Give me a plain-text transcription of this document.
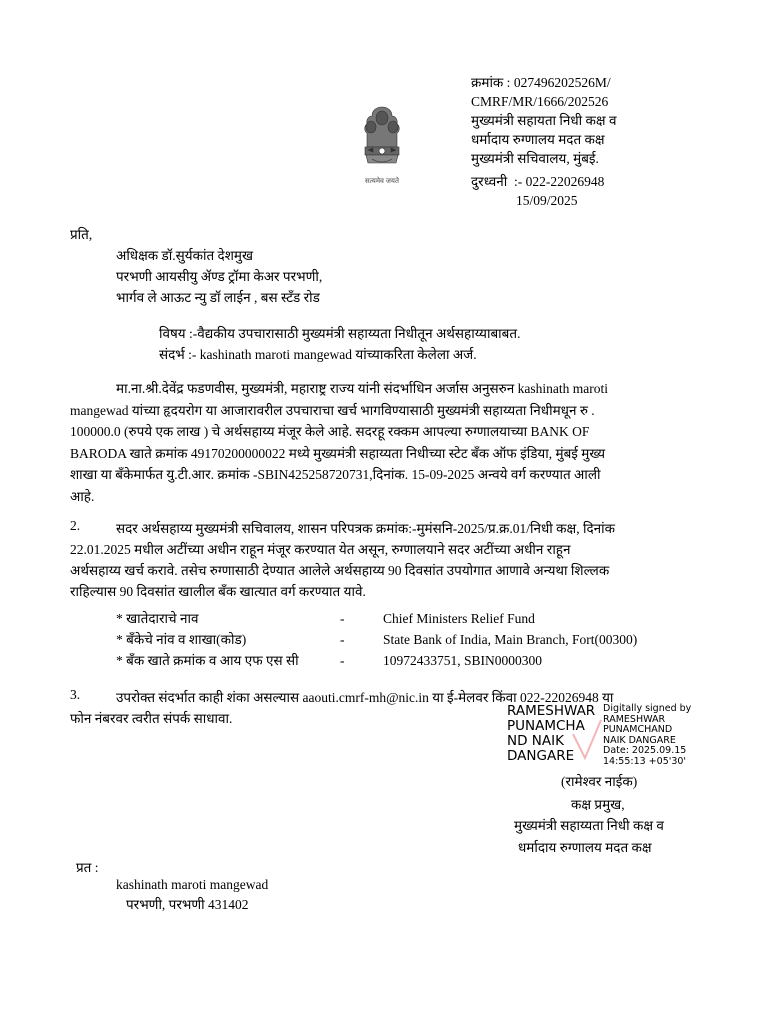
सत्यमेव जयते
क्रमांक : 027496202526M/
CMRF/MR/1666/202526
मुख्यमंत्री सहायता निधी कक्ष व
धर्मादाय रुग्णालय मदत कक्ष
मुख्यमंत्री सचिवालय, मुंबई.
दुरध्वनी :- 022-22026948
15/09/2025
प्रति,
अधिक्षक डॉ.सुर्यकांत देशमुख
परभणी आयसीयु ॲण्ड ट्रॉमा केअर परभणी,
भार्गव ले आऊट न्यु डॉ लाईन , बस स्टॅंड रोड
विषय :-वैद्यकीय उपचारासाठी मुख्यमंत्री सहाय्यता निधीतून अर्थसहाय्याबाबत.
संदर्भ :- kashinath maroti mangewad यांच्याकरिता केलेला अर्ज.
मा.ना.श्री.देवेंद्र फडणवीस, मुख्यमंत्री, महाराष्ट्र राज्य यांनी संदर्भाधिन अर्जास अनुसरुन kashinath maroti
mangewad यांच्या हृदयरोग या आजारावरील उपचाराचा खर्च भागविण्यासाठी मुख्यमंत्री सहाय्यता निधीमधून रु .
100000.0 (रुपये एक लाख ) चे अर्थसहाय्य मंजूर केले आहे. सदरहू रक्कम आपल्या रुग्णालयाच्या BANK OF
BARODA खाते क्रमांक 49170200000022 मध्ये मुख्यमंत्री सहाय्यता निधीच्या स्टेट बँक ऑफ इंडिया, मुंबई मुख्य
शाखा या बँकेमार्फत यु.टी.आर. क्रमांक -SBIN425258720731,दिनांक. 15-09-2025 अन्वये वर्ग करण्यात आली
आहे.
2.	सदर अर्थसहाय्य मुख्यमंत्री सचिवालय, शासन परिपत्रक क्रमांक:-मुमंसनि-2025/प्र.क्र.01/निधी कक्ष, दिनांक
22.01.2025 मधील अटींच्या अधीन राहून मंजूर करण्यात येत असून, रुग्णालयाने सदर अटींच्या अधीन राहून
अर्थसहाय्य खर्च करावे. तसेच रुग्णासाठी देण्यात आलेले अर्थसहाय्य 90 दिवसांत उपयोगात आणावे अन्यथा शिल्लक
राहिल्यास 90 दिवसांत खालील बँक खात्यात वर्ग करण्यात यावे.
* खातेदाराचे नाव	-	Chief Ministers Relief Fund
* बँकेचे नांव व शाखा(कोड)	-	State Bank of India, Main Branch, Fort(00300)
* बँक खाते क्रमांक व आय एफ एस सी	-	10972433751, SBIN0000300
3.	उपरोक्त संदर्भात काही शंका असल्यास aaouti.cmrf-mh@nic.in या ई-मेलवर किंवा 022-22026948 या
फोन नंबरवर त्वरीत संपर्क साधावा.	RAMESHWAR
PUNAMCHA
ND NAIK
DANGARE
Digitally signed by
RAMESHWAR
PUNAMCHAND
NAIK DANGARE
Date: 2025.09.15
14:55:13 +05'30'
(रामेश्वर नाईक)
कक्ष प्रमुख,
मुख्यमंत्री सहाय्यता निधी कक्ष व
धर्मादाय रुग्णालय मदत कक्ष
प्रत :
kashinath maroti mangewad
परभणी, परभणी 431402
